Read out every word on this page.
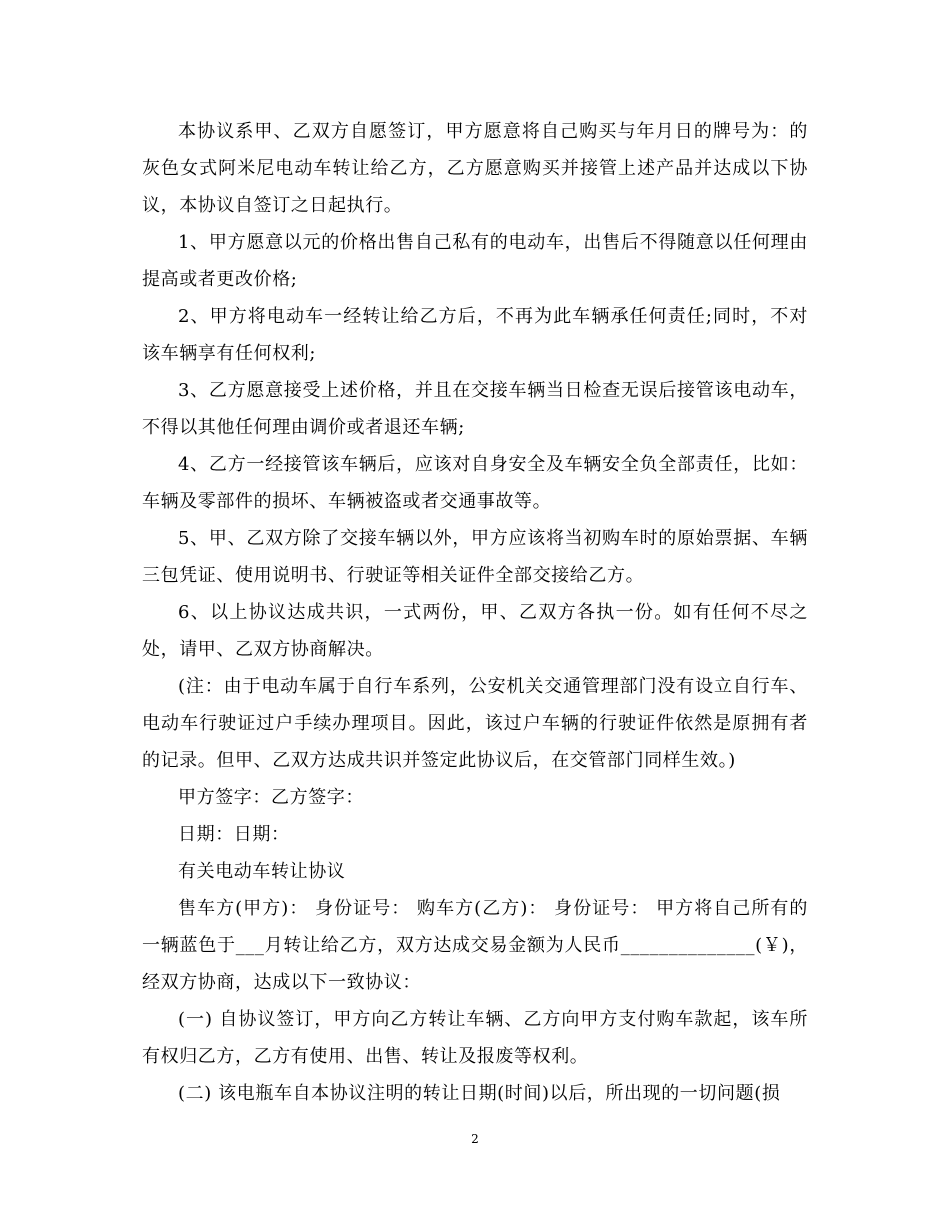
本协议系甲、乙双方自愿签订，甲方愿意将自己购买与年月日的牌号为：的灰色女式阿米尼电动车转让给乙方，乙方愿意购买并接管上述产品并达成以下协议，本协议自签订之日起执行。

1、甲方愿意以元的价格出售自己私有的电动车，出售后不得随意以任何理由提高或者更改价格;

2、甲方将电动车一经转让给乙方后，不再为此车辆承任何责任;同时，不对该车辆享有任何权利;

3、乙方愿意接受上述价格，并且在交接车辆当日检查无误后接管该电动车，不得以其他任何理由调价或者退还车辆;

4、乙方一经接管该车辆后，应该对自身安全及车辆安全负全部责任，比如：车辆及零部件的损坏、车辆被盗或者交通事故等。

5、甲、乙双方除了交接车辆以外，甲方应该将当初购车时的原始票据、车辆三包凭证、使用说明书、行驶证等相关证件全部交接给乙方。

6、以上协议达成共识，一式两份，甲、乙双方各执一份。如有任何不尽之处，请甲、乙双方协商解决。

(注：由于电动车属于自行车系列，公安机关交通管理部门没有设立自行车、电动车行驶证过户手续办理项目。因此，该过户车辆的行驶证件依然是原拥有者的记录。但甲、乙双方达成共识并签定此协议后，在交管部门同样生效。)

甲方签字：乙方签字：

日期：日期：

有关电动车转让协议

售车方(甲方)： 身份证号： 购车方(乙方)： 身份证号： 甲方将自己所有的一辆蓝色于___月转让给乙方，双方达成交易金额为人民币______________(￥)，经双方协商，达成以下一致协议：

(一) 自协议签订，甲方向乙方转让车辆、乙方向甲方支付购车款起，该车所有权归乙方，乙方有使用、出售、转让及报废等权利。

(二) 该电瓶车自本协议注明的转让日期(时间)以后，所出现的一切问题(损

2
